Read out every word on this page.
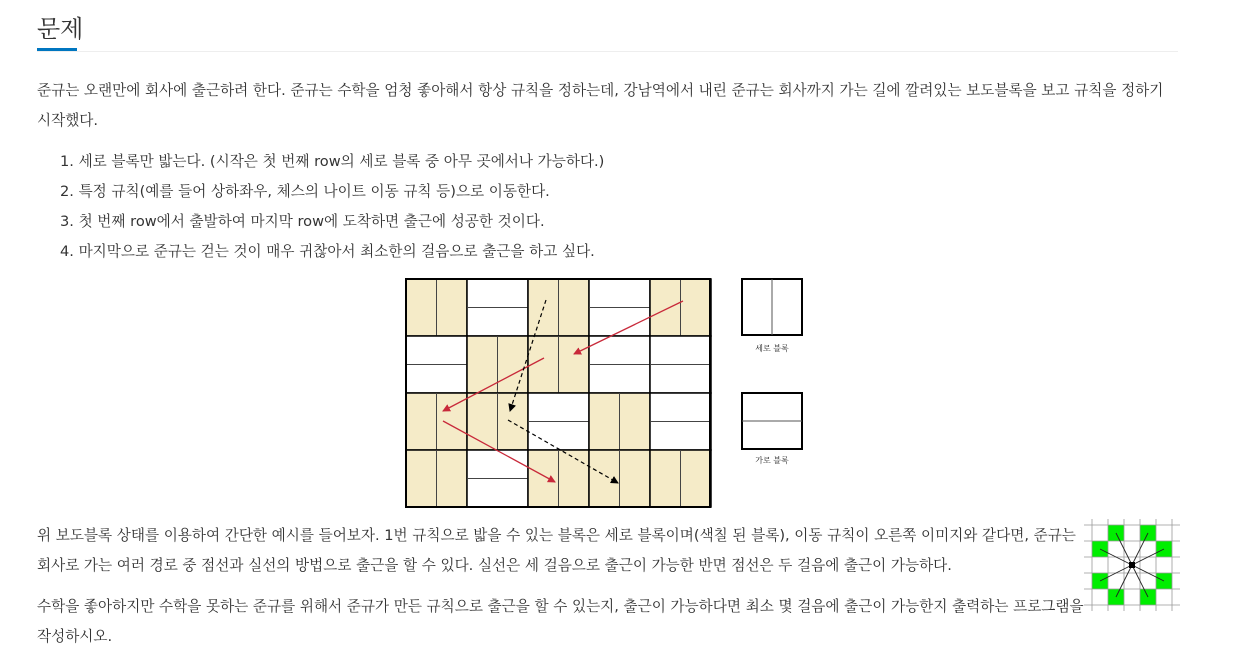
문제

준규는 오랜만에 회사에 출근하려 한다. 준규는 수학을 엄청 좋아해서 항상 규칙을 정하는데, 강남역에서 내린 준규는 회사까지 가는 길에 깔려있는 보도블록을 보고 규칙을 정하기 시작했다.

1. 세로 블록만 밟는다. (시작은 첫 번째 row의 세로 블록 중 아무 곳에서나 가능하다.)
2. 특정 규칙(예를 들어 상하좌우, 체스의 나이트 이동 규칙 등)으로 이동한다.
3. 첫 번째 row에서 출발하여 마지막 row에 도착하면 출근에 성공한 것이다.
4. 마지막으로 준규는 걷는 것이 매우 귀찮아서 최소한의 걸음으로 출근을 하고 싶다.
세로 블록
가로 블록

위 보도블록 상태를 이용하여 간단한 예시를 들어보자. 1번 규칙으로 밟을 수 있는 블록은 세로 블록이며(색칠 된 블록), 이동 규칙이 오른쪽 이미지와 같다면, 준규는 회사로 가는 여러 경로 중 점선과 실선의 방법으로 출근을 할 수 있다. 실선은 세 걸음으로 출근이 가능한 반면 점선은 두 걸음에 출근이 가능하다.

수학을 좋아하지만 수학을 못하는 준규를 위해서 준규가 만든 규칙으로 출근을 할 수 있는지, 출근이 가능하다면 최소 몇 걸음에 출근이 가능한지 출력하는 프로그램을 작성하시오.
